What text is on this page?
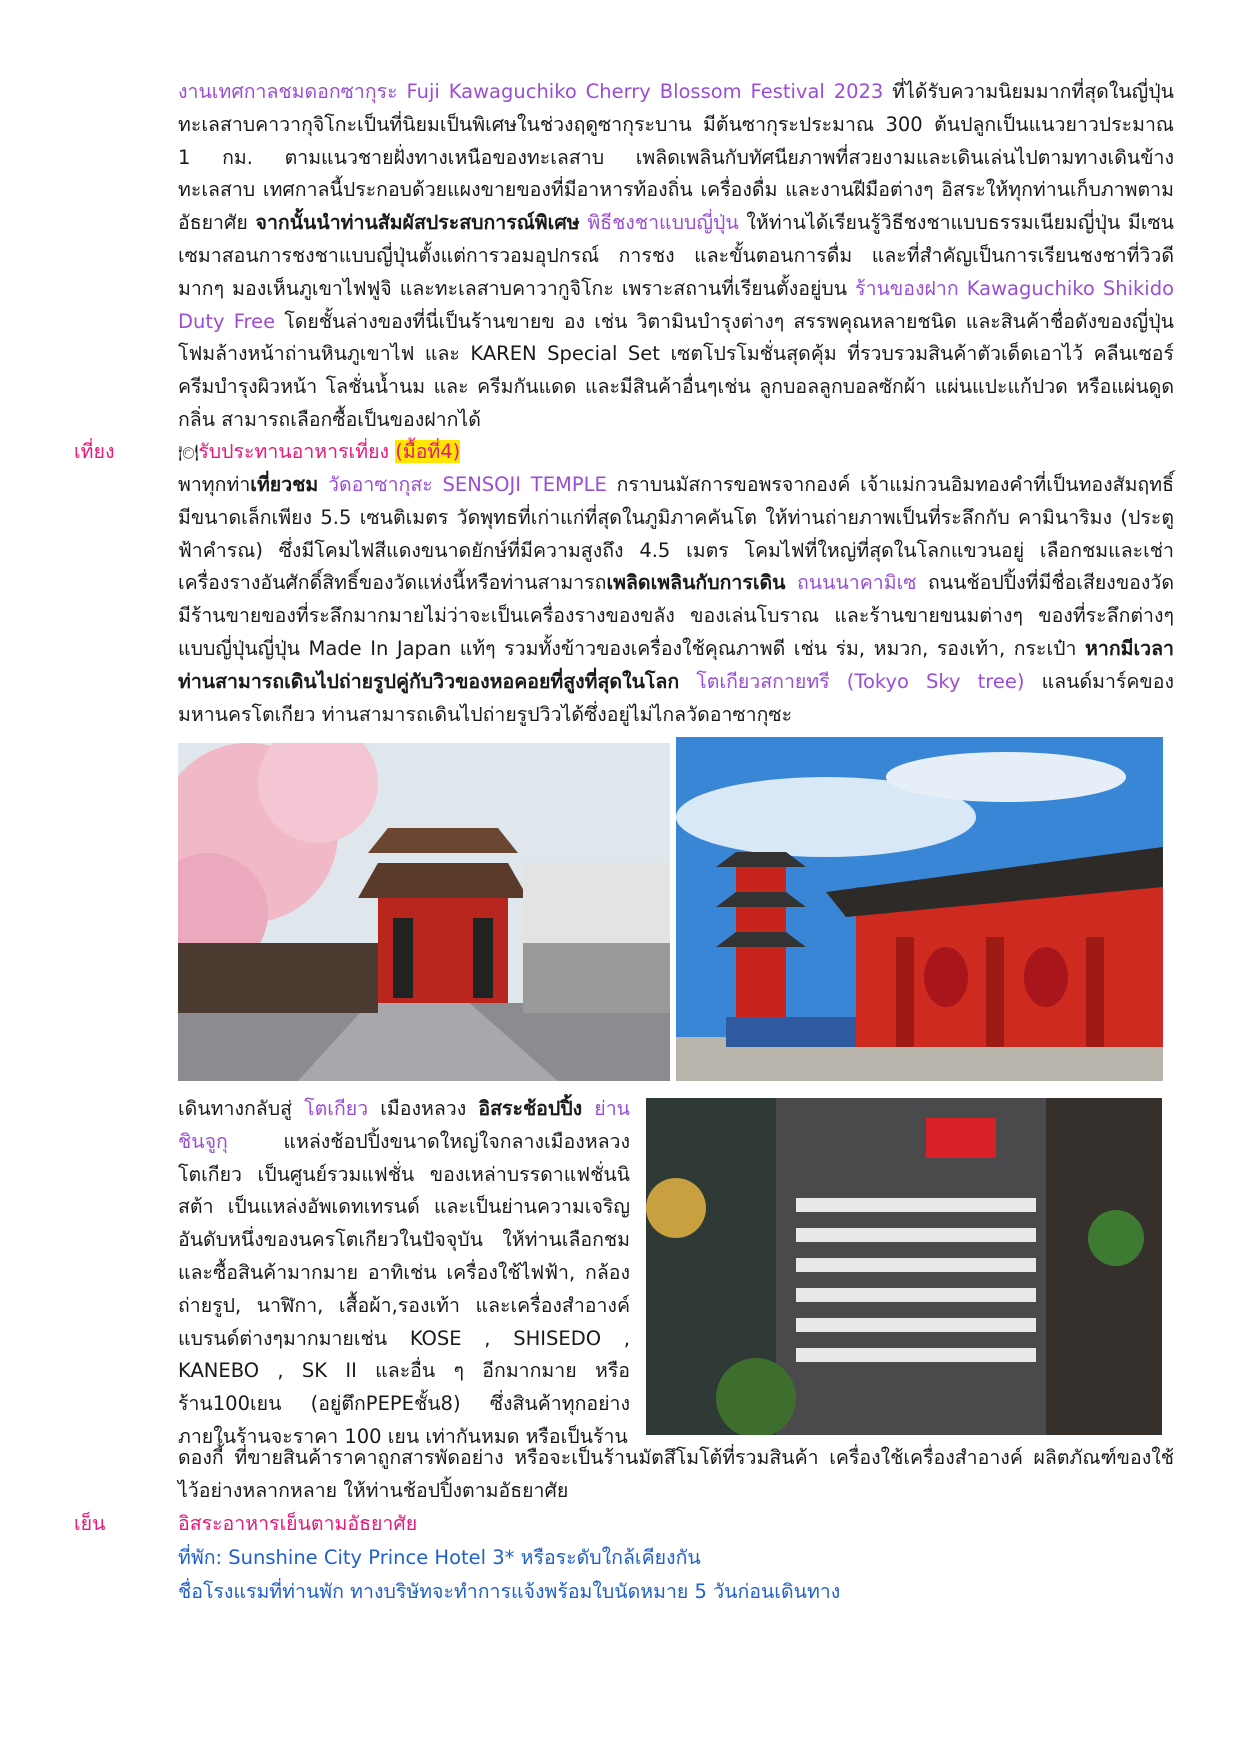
งานเทศกาลชมดอกซากุระ Fuji Kawaguchiko Cherry Blossom Festival 2023 ที่ได้รับความนิยมมากที่สุดในญี่ปุ่น ทะเลสาบคาวากุจิโกะเป็นที่นิยมเป็นพิเศษในช่วงฤดูซากุระบาน มีต้นซากุระประมาณ 300 ต้นปลูกเป็นแนวยาวประมาณ 1 กม. ตามแนวชายฝั่งทางเหนือของทะเลสาบ เพลิดเพลินกับทัศนียภาพที่สวยงามและเดินเล่นไปตามทางเดินข้างทะเลสาบ เทศกาลนี้ประกอบด้วยแผงขายของที่มีอาหารท้องถิ่น เครื่องดื่ม และงานฝีมือต่างๆ อิสระให้ทุกท่านเก็บภาพตามอัธยาศัย จากนั้นนำท่านสัมผัสประสบการณ์พิเศษ พิธีชงชาแบบญี่ปุ่น ให้ท่านได้เรียนรู้วิธีชงชาแบบธรรมเนียมญี่ปุ่น มีเซนเซมาสอนการชงชาแบบญี่ปุ่นตั้งแต่การวอมอุปกรณ์ การชง และขั้นตอนการดื่ม และที่สำคัญเป็นการเรียนชงชาที่วิวดีมากๆ มองเห็นภูเขาไฟฟูจิ และทะเลสาบคาวากูจิโกะ เพราะสถานที่เรียนตั้งอยู่บน ร้านของฝาก Kawaguchiko Shikido Duty Free โดยชั้นล่างของที่นี่เป็นร้านขายข อง เช่น วิตามินบำรุงต่างๆ สรรพคุณหลายชนิด และสินค้าชื่อดังของญี่ปุ่น โฟมล้างหน้าถ่านหินภูเขาไฟ และ KAREN Special Set เซตโปรโมชั่นสุดคุ้ม ที่รวบรวมสินค้าตัวเด็ดเอาไว้ คลีนเซอร์ ครีมบำรุงผิวหน้า โลชั่นน้ำนม และ ครีมกันแดด และมีสินค้าอื่นๆเช่น ลูกบอลลูกบอลซักผ้า แผ่นแปะแก้ปวด หรือแผ่นดูดกลิ่น สามารถเลือกซื้อเป็นของฝากได้
เที่ยง	🍽รับประทานอาหารเที่ยง (มื้อที่4)
พาทุกท่าเที่ยวชม วัดอาซากุสะ SENSOJI TEMPLE กราบนมัสการขอพรจากองค์ เจ้าแม่กวนอิมทองคำที่เป็นทองสัมฤทธิ์ มีขนาดเล็กเพียง 5.5 เซนติเมตร วัดพุทธที่เก่าแก่ที่สุดในภูมิภาคคันโต ให้ท่านถ่ายภาพเป็นที่ระลึกกับ คามินาริมง (ประตูฟ้าคำรณ) ซึ่งมีโคมไฟสีแดงขนาดยักษ์ที่มีความสูงถึง 4.5 เมตร โคมไฟที่ใหญ่ที่สุดในโลกแขวนอยู่ เลือกชมและเช่าเครื่องรางอันศักดิ์สิทธิ์ของวัดแห่งนี้หรือท่านสามารถเพลิดเพลินกับการเดิน ถนนนาคามิเซ ถนนช้อปปิ้งที่มีชื่อเสียงของวัด มีร้านขายของที่ระลึกมากมายไม่ว่าจะเป็นเครื่องรางของขลัง ของเล่นโบราณ และร้านขายขนมต่างๆ ของที่ระลึกต่างๆแบบญี่ปุ่นญี่ปุ่น Made In Japan แท้ๆ รวมทั้งข้าวของเครื่องใช้คุณภาพดี เช่น ร่ม, หมวก, รองเท้า, กระเป๋า หากมีเวลาท่านสามารถเดินไปถ่ายรูปคู่กับวิวของหอคอยที่สูงที่สุดในโลก โตเกียวสกายทรี (Tokyo Sky tree) แลนด์มาร์คของมหานครโตเกียว ท่านสามารถเดินไปถ่ายรูปวิวได้ซึ่งอยู่ไม่ไกลวัดอาซากุซะ
เดินทางกลับสู่ โตเกียว เมืองหลวง อิสระช้อปปิ้ง ย่านชินจูกุ แหล่งช้อปปิ้งขนาดใหญ่ใจกลางเมืองหลวงโตเกียว เป็นศูนย์รวมแฟชั่น ของเหล่าบรรดาแฟชั่นนิสต้า เป็นแหล่งอัพเดทเทรนด์ และเป็นย่านความเจริญอันดับหนึ่งของนครโตเกียวในปัจจุบัน ให้ท่านเลือกชมและซื้อสินค้ามากมาย อาทิเช่น เครื่องใช้ไฟฟ้า, กล้องถ่ายรูป, นาฬิกา, เสื้อผ้า,รองเท้า และเครื่องสำอางค์แบรนด์ต่างๆมากมายเช่น KOSE , SHISEDO , KANEBO , SK II และอื่น ๆ อีกมากมาย หรือร้าน100เยน (อยู่ตึกPEPEชั้น8) ซึ่งสินค้าทุกอย่างภายในร้านจะราคา 100 เยน เท่ากันหมด หรือเป็นร้าน
ดองกี้ ที่ขายสินค้าราคาถูกสารพัดอย่าง หรือจะเป็นร้านมัตสึโมโต้ที่รวมสินค้า เครื่องใช้เครื่องสำอางค์ ผลิตภัณฑ์ของใช้ไว้อย่างหลากหลาย ให้ท่านช้อปปิ้งตามอัธยาศัย
เย็น	อิสระอาหารเย็นตามอัธยาศัย
ที่พัก: Sunshine City Prince Hotel 3* หรือระดับใกล้เคียงกัน
ชื่อโรงแรมที่ท่านพัก ทางบริษัทจะทำการแจ้งพร้อมใบนัดหมาย 5 วันก่อนเดินทาง
